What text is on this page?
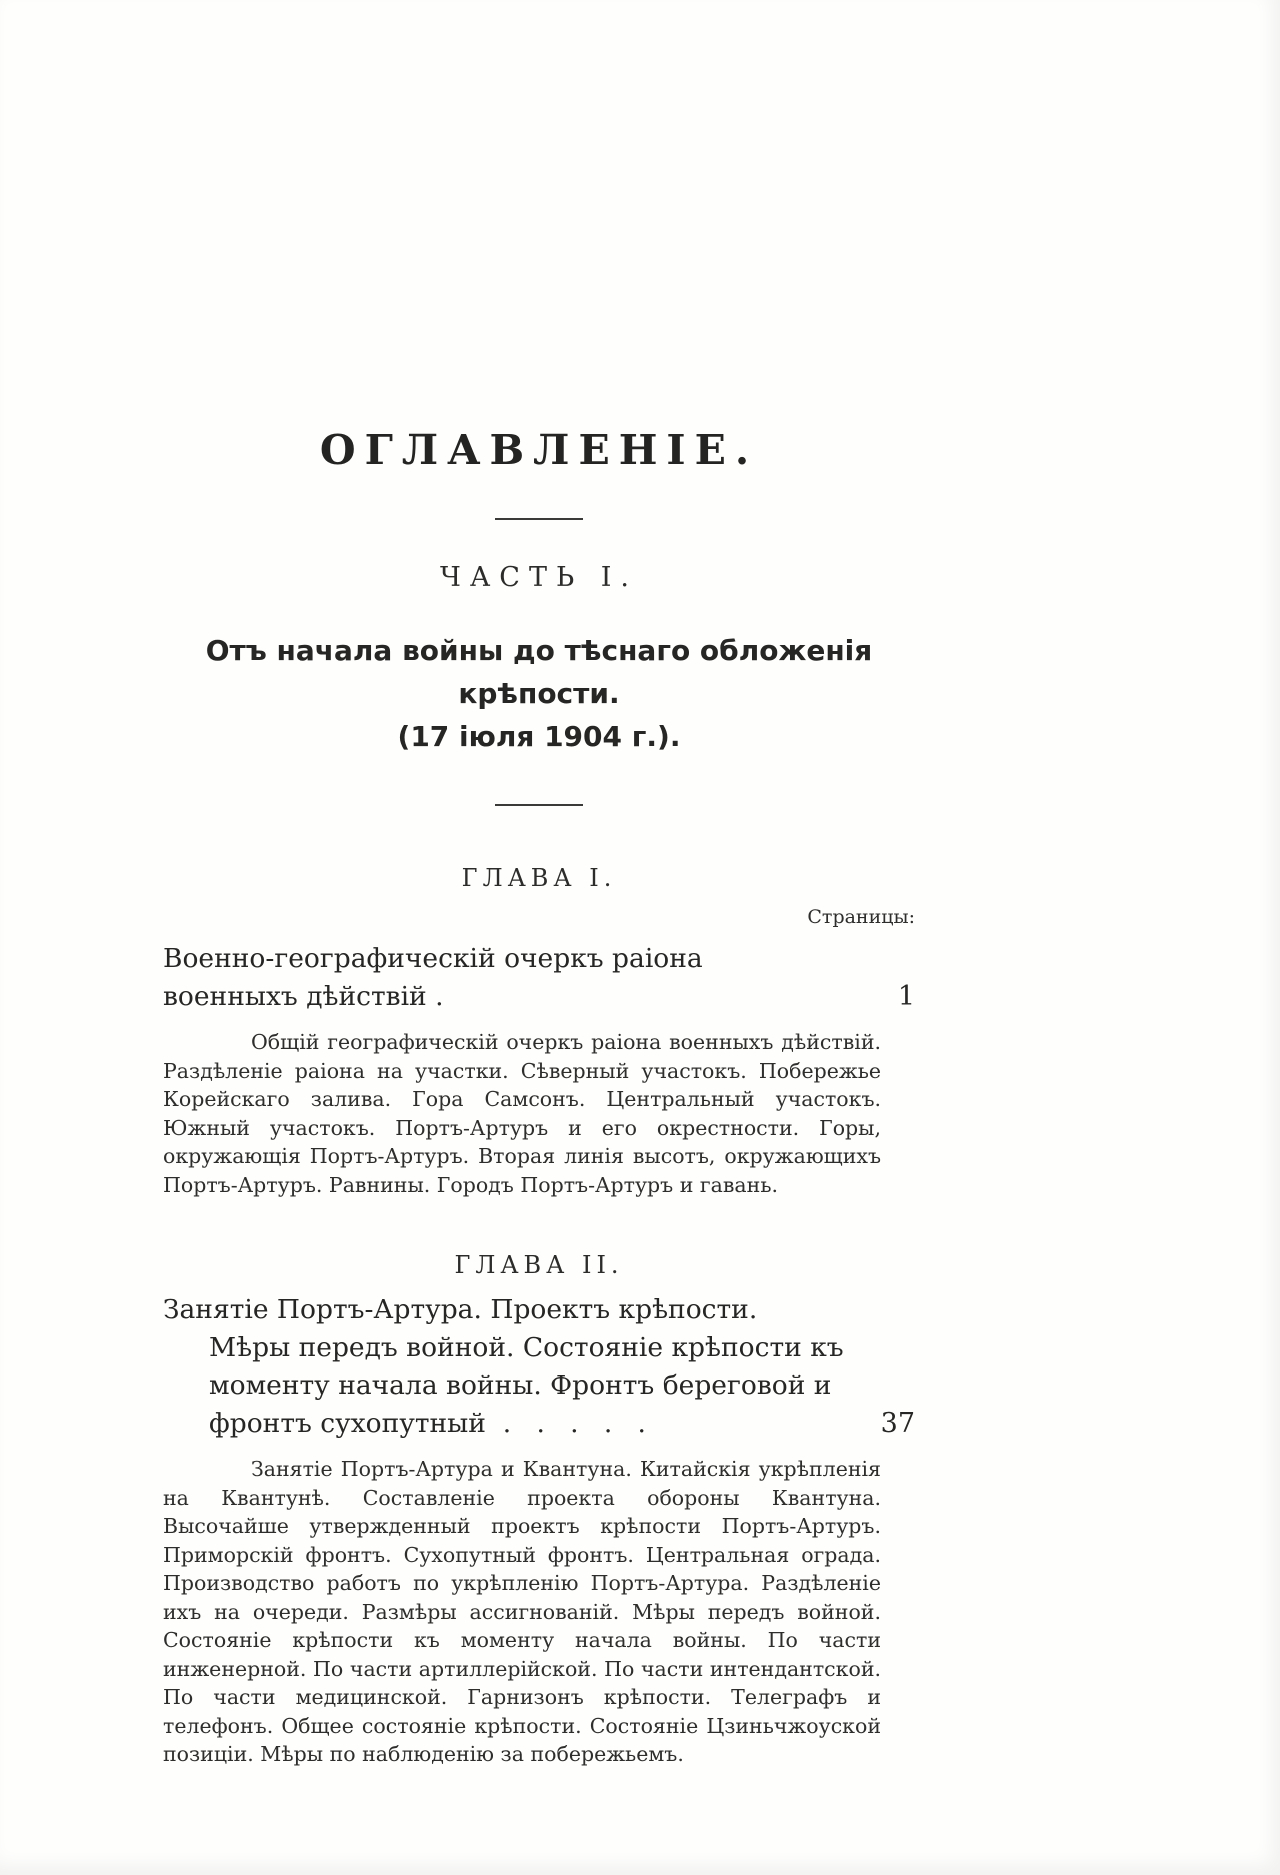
ОГЛАВЛЕНІЕ.
ЧАСТЬ I.
Отъ начала войны до тѣснаго обложенія крѣпости.
(17 іюля 1904 г.).
ГЛАВА I.
Страницы:
Военно-географическій очеркъ раіона военныхъ дѣйствій .	1
Общій географическій очеркъ раіона военныхъ дѣйствій. Раздѣленіе раіона на участки. Сѣверный участокъ. Побережье Корейскаго залива. Гора Самсонъ. Центральный участокъ. Южный участокъ. Портъ-Артуръ и его окрестности. Горы, окружающія Портъ-Артуръ. Вторая линія высотъ, окружающихъ Портъ-Артуръ. Равнины. Городъ Портъ-Артуръ и гавань.
ГЛАВА II.
Занятіе Портъ-Артура. Проектъ крѣпости. Мѣры передъ войной. Состояніе крѣпости къ моменту начала войны. Фронтъ береговой и фронтъ сухопутный  .   .   .   .   .	37
Занятіе Портъ-Артура и Квантуна. Китайскія укрѣпленія на Квантунѣ. Составленіе проекта обороны Квантуна. Высочайше утвержденный проектъ крѣпости Портъ-Артуръ. Приморскій фронтъ. Сухопутный фронтъ. Центральная ограда. Производство работъ по укрѣпленію Портъ-Артура. Раздѣленіе ихъ на очереди. Размѣры ассигнованій. Мѣры передъ войной. Состояніе крѣпости къ моменту начала войны. По части инженерной. По части артиллерійской. По части интендантской. По части медицинской. Гарнизонъ крѣпости. Телеграфъ и телефонъ. Общее состояніе крѣпости. Состояніе Цзиньчжоуской позиціи. Мѣры по наблюденію за побережьемъ.
